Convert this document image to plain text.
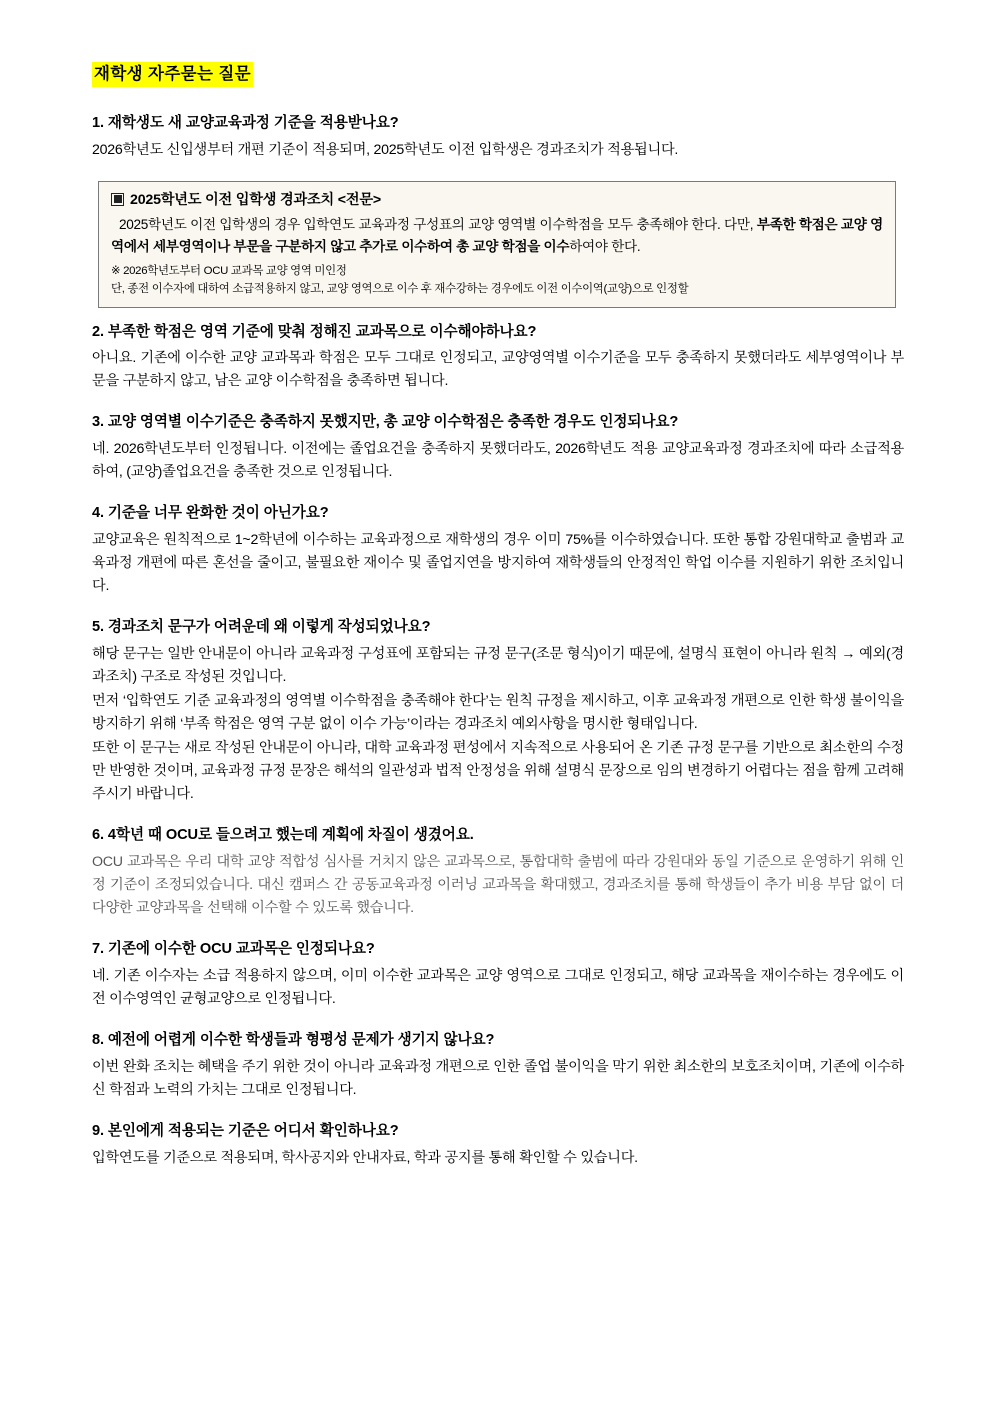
재학생 자주묻는 질문

1. 재학생도 새 교양교육과정 기준을 적용받나요?

2026학년도 신입생부터 개편 기준이 적용되며, 2025학년도 이전 입학생은 경과조치가 적용됩니다.

2025학년도 이전 입학생 경과조치 <전문>

2025학년도 이전 입학생의 경우 입학연도 교육과정 구성표의 교양 영역별 이수학점을 모두 충족해야 한다. 다만, 부족한 학점은 교양 영역에서 세부영역이나 부문을 구분하지 않고 추가로 이수하여 총 교양 학점을 이수하여야 한다.

※ 2026학년도부터 OCU 교과목 교양 영역 미인정
단, 종전 이수자에 대하여 소급적용하지 않고, 교양 영역으로 이수 후 재수강하는 경우에도 이전 이수이역(교양)으로 인정할

2. 부족한 학점은 영역 기준에 맞춰 정해진 교과목으로 이수해야하나요?

아니요. 기존에 이수한 교양 교과목과 학점은 모두 그대로 인정되고, 교양영역별 이수기준을 모두 충족하지 못했더라도 세부영역이나 부문을 구분하지 않고, 남은 교양 이수학점을 충족하면 됩니다.

3. 교양 영역별 이수기준은 충족하지 못했지만, 총 교양 이수학점은 충족한 경우도 인정되나요?

네. 2026학년도부터 인정됩니다. 이전에는 졸업요건을 충족하지 못했더라도, 2026학년도 적용 교양교육과정 경과조치에 따라 소급적용하여, (교양)졸업요건을 충족한 것으로 인정됩니다.

4. 기준을 너무 완화한 것이 아닌가요?

교양교육은 원칙적으로 1~2학년에 이수하는 교육과정으로 재학생의 경우 이미 75%를 이수하였습니다. 또한 통합 강원대학교 출범과 교육과정 개편에 따른 혼선을 줄이고, 불필요한 재이수 및 졸업지연을 방지하여 재학생들의 안정적인 학업 이수를 지원하기 위한 조치입니다.

5. 경과조치 문구가 어려운데 왜 이렇게 작성되었나요?

해당 문구는 일반 안내문이 아니라 교육과정 구성표에 포함되는 규정 문구(조문 형식)이기 때문에, 설명식 표현이 아니라 원칙 → 예외(경과조치) 구조로 작성된 것입니다.

먼저 ‘입학연도 기준 교육과정의 영역별 이수학점을 충족해야 한다’는 원칙 규정을 제시하고, 이후 교육과정 개편으로 인한 학생 불이익을 방지하기 위해 ‘부족 학점은 영역 구분 없이 이수 가능’이라는 경과조치 예외사항을 명시한 형태입니다.

또한 이 문구는 새로 작성된 안내문이 아니라, 대학 교육과정 편성에서 지속적으로 사용되어 온 기존 규정 문구를 기반으로 최소한의 수정만 반영한 것이며, 교육과정 규정 문장은 해석의 일관성과 법적 안정성을 위해 설명식 문장으로 임의 변경하기 어렵다는 점을 함께 고려해 주시기 바랍니다.

6. 4학년 때 OCU로 들으려고 했는데 계획에 차질이 생겼어요.

OCU 교과목은 우리 대학 교양 적합성 심사를 거치지 않은 교과목으로, 통합대학 출범에 따라 강원대와 동일 기준으로 운영하기 위해 인정 기준이 조정되었습니다. 대신 캠퍼스 간 공동교육과정 이러닝 교과목을 확대했고, 경과조치를 통해 학생들이 추가 비용 부담 없이 더 다양한 교양과목을 선택해 이수할 수 있도록 했습니다.

7. 기존에 이수한 OCU 교과목은 인정되나요?

네. 기존 이수자는 소급 적용하지 않으며, 이미 이수한 교과목은 교양 영역으로 그대로 인정되고, 해당 교과목을 재이수하는 경우에도 이전 이수영역인 균형교양으로 인정됩니다.

8. 예전에 어렵게 이수한 학생들과 형평성 문제가 생기지 않나요?

이번 완화 조치는 혜택을 주기 위한 것이 아니라 교육과정 개편으로 인한 졸업 불이익을 막기 위한 최소한의 보호조치이며, 기존에 이수하신 학점과 노력의 가치는 그대로 인정됩니다.

9. 본인에게 적용되는 기준은 어디서 확인하나요?

입학연도를 기준으로 적용되며, 학사공지와 안내자료, 학과 공지를 통해 확인할 수 있습니다.
